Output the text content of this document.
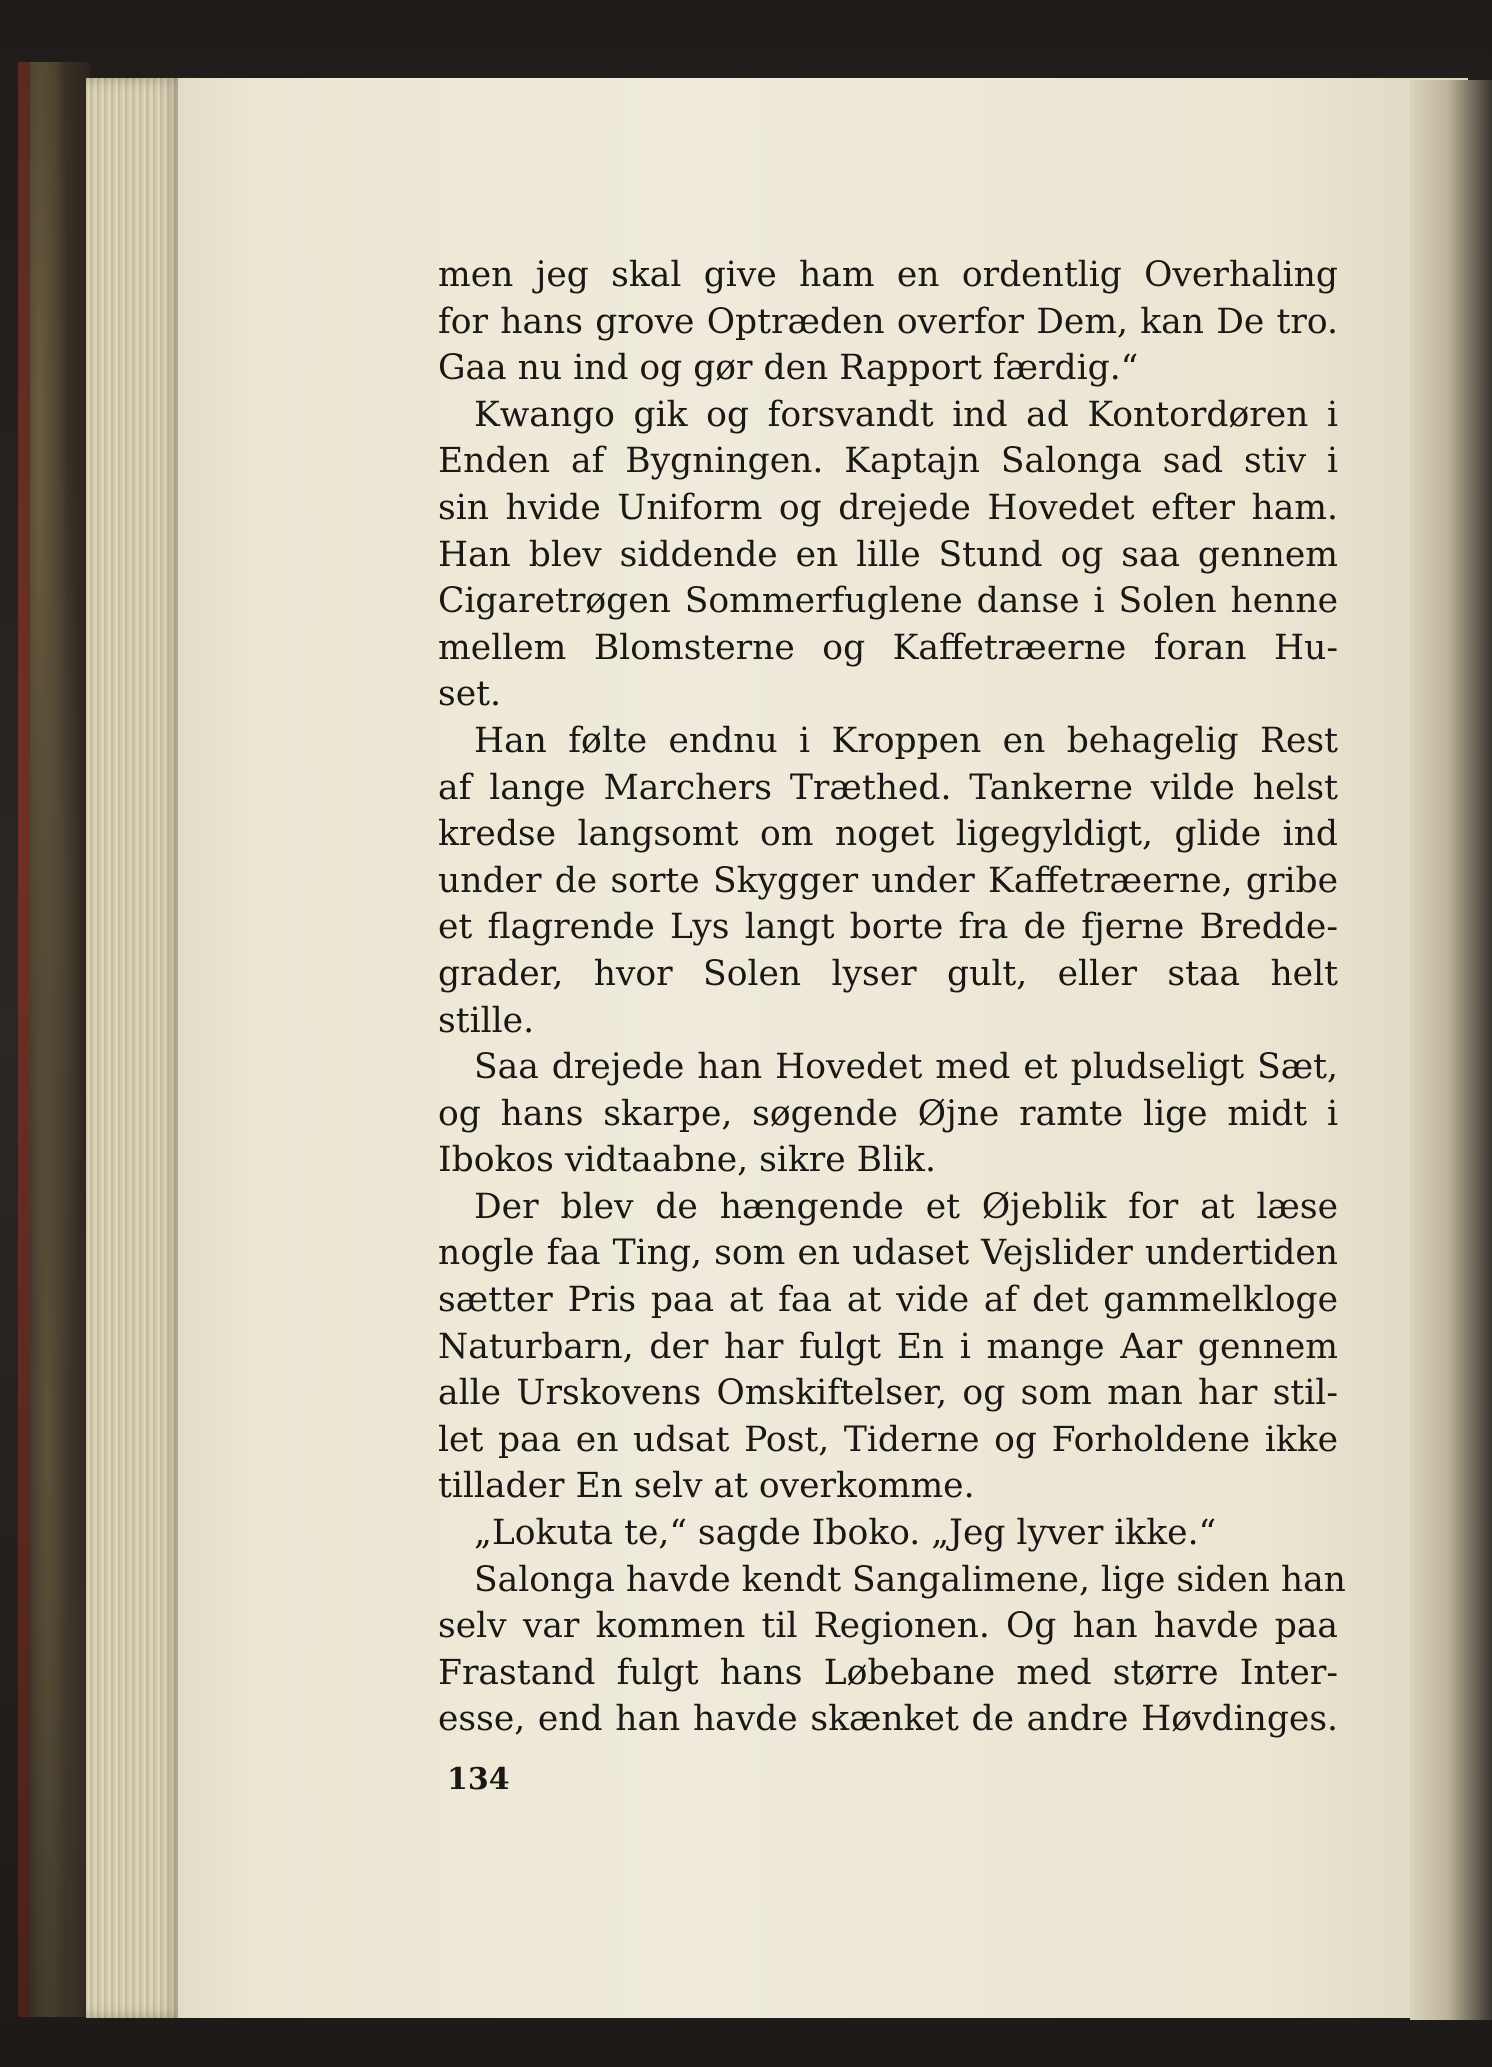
men jeg skal give ham en ordentlig Overhaling
for hans grove Optræden overfor Dem, kan De tro.
Gaa nu ind og gør den Rapport færdig.“
Kwango gik og forsvandt ind ad Kontordøren i
Enden af Bygningen. Kaptajn Salonga sad stiv i
sin hvide Uniform og drejede Hovedet efter ham.
Han blev siddende en lille Stund og saa gennem
Cigaretrøgen Sommerfuglene danse i Solen henne
mellem Blomsterne og Kaffetræerne foran Hu-
set.
Han følte endnu i Kroppen en behagelig Rest
af lange Marchers Træthed. Tankerne vilde helst
kredse langsomt om noget ligegyldigt, glide ind
under de sorte Skygger under Kaffetræerne, gribe
et flagrende Lys langt borte fra de fjerne Bredde-
grader, hvor Solen lyser gult, eller staa helt
stille.
Saa drejede han Hovedet med et pludseligt Sæt,
og hans skarpe, søgende Øjne ramte lige midt i
Ibokos vidtaabne, sikre Blik.
Der blev de hængende et Øjeblik for at læse
nogle faa Ting, som en udaset Vejslider undertiden
sætter Pris paa at faa at vide af det gammelkloge
Naturbarn, der har fulgt En i mange Aar gennem
alle Urskovens Omskiftelser, og som man har stil-
let paa en udsat Post, Tiderne og Forholdene ikke
tillader En selv at overkomme.
„Lokuta te,“ sagde Iboko. „Jeg lyver ikke.“
Salonga havde kendt Sangalimene, lige siden han
selv var kommen til Regionen. Og han havde paa
Frastand fulgt hans Løbebane med større Inter-
esse, end han havde skænket de andre Høvdinges.
134
